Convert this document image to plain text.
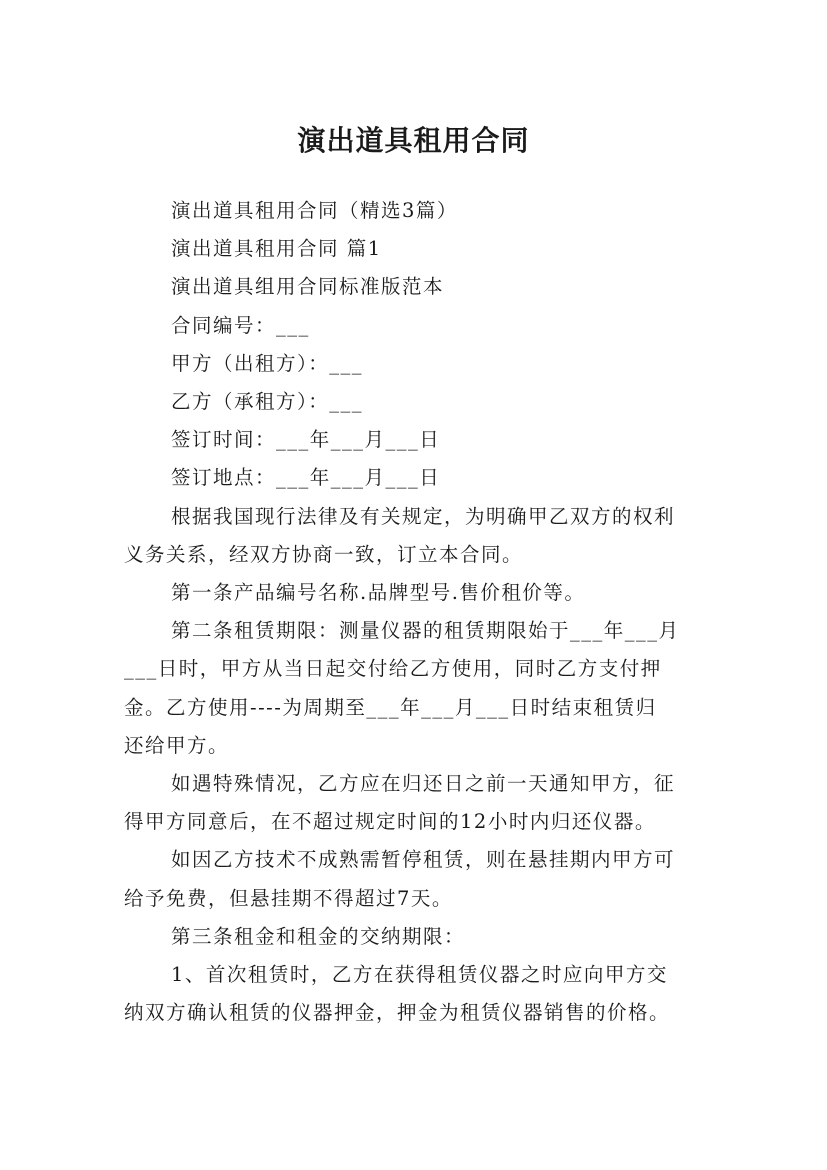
演出道具租用合同

演出道具租用合同（精选3篇）

演出道具租用合同 篇1

演出道具组用合同标准版范本

合同编号：___

甲方（出租方）：___

乙方（承租方）：___

签订时间：___年___月___日

签订地点：___年___月___日

根据我国现行法律及有关规定，为明确甲乙双方的权利

义务关系，经双方协商一致，订立本合同。

第一条产品编号名称.品牌型号.售价租价等。

第二条租赁期限：测量仪器的租赁期限始于___年___月

___日时，甲方从当日起交付给乙方使用，同时乙方支付押

金。乙方使用----为周期至___年___月___日时结束租赁归

还给甲方。

如遇特殊情况，乙方应在归还日之前一天通知甲方，征

得甲方同意后，在不超过规定时间的12小时内归还仪器。

如因乙方技术不成熟需暂停租赁，则在悬挂期内甲方可

给予免费，但悬挂期不得超过7天。

第三条租金和租金的交纳期限：

1、首次租赁时，乙方在获得租赁仪器之时应向甲方交

纳双方确认租赁的仪器押金，押金为租赁仪器销售的价格。
